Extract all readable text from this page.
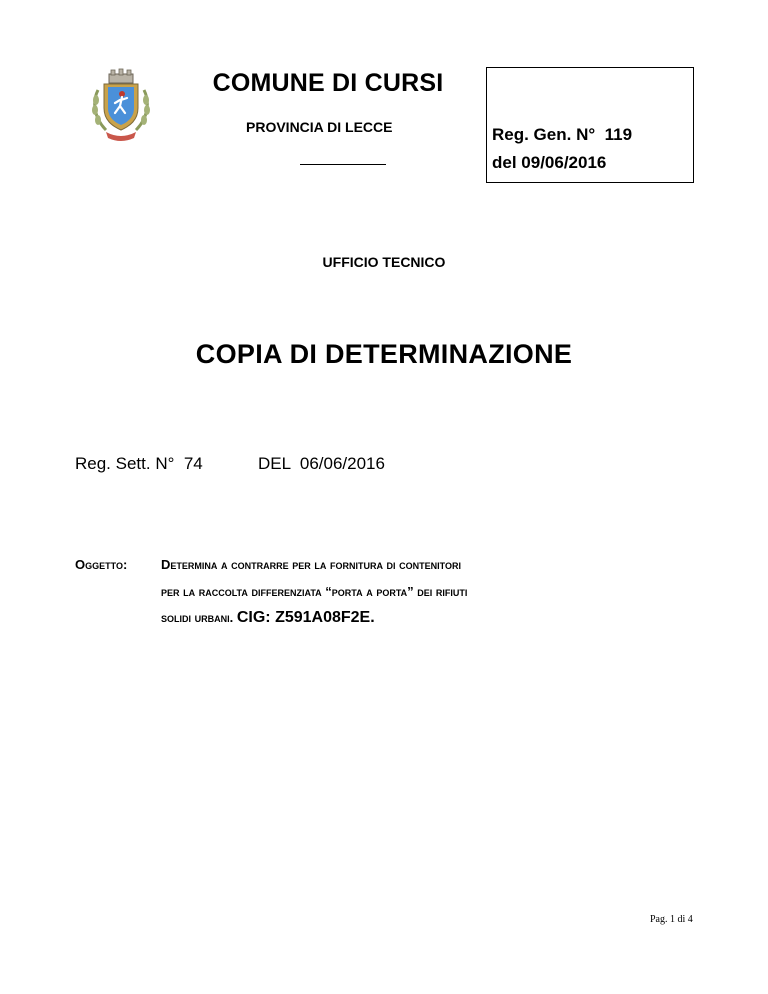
COMUNE DI CURSI
PROVINCIA DI LECCE	Reg. Gen. N°  119
del 09/06/2016
UFFICIO TECNICO
COPIA DI DETERMINAZIONE
Reg. Sett. N°  74	DEL  06/06/2016
Oggetto:	Determina a contrarre per la fornitura di contenitori
per la raccolta differenziata “porta a porta” dei rifiuti
solidi urbani. CIG: Z591A08F2E.
Pag. 1 di 4
